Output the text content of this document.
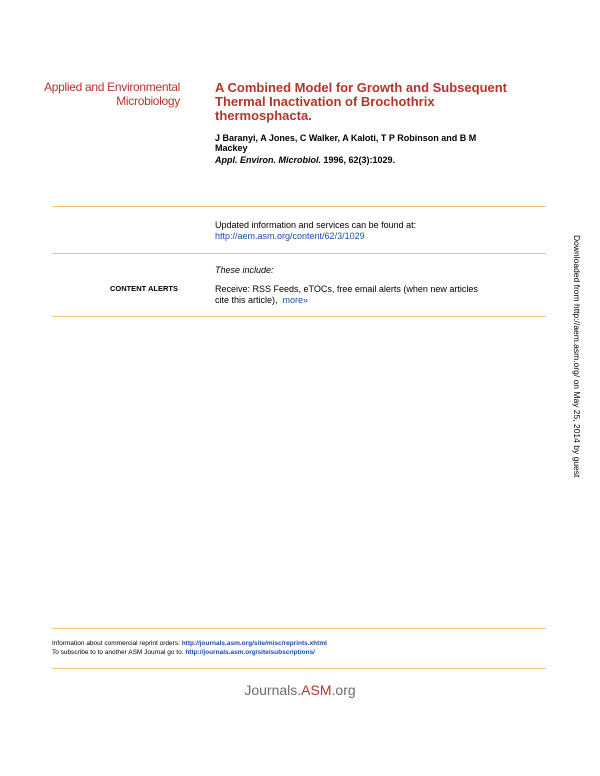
Applied and Environmental
Microbiology
A Combined Model for Growth and Subsequent
Thermal Inactivation of Brochothrix
thermosphacta.
J Baranyi, A Jones, C Walker, A Kaloti, T P Robinson and B M
Mackey
Appl. Environ. Microbiol. 1996, 62(3):1029.
Updated information and services can be found at:
http://aem.asm.org/content/62/3/1029
These include:
CONTENT ALERTS	Receive: RSS Feeds, eTOCs, free email alerts (when new articles
cite this article), more»
Information about commercial reprint orders: http://journals.asm.org/site/misc/reprints.xhtml
To subscribe to to another ASM Journal go to: http://journals.asm.org/site/subscriptions/
Journals.ASM.org
Downloaded from http://aem.asm.org/ on May 25, 2014 by guest
